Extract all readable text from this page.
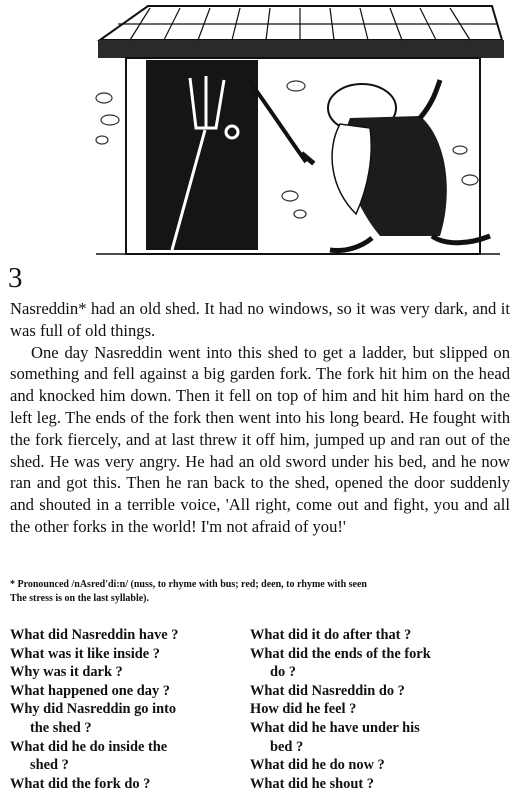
3

Nasreddin* had an old shed. It had no windows, so it was very dark, and it was full of old things.

One day Nasreddin went into this shed to get a ladder, but slipped on something and fell against a big garden fork. The fork hit him on the head and knocked him down. Then it fell on top of him and hit him hard on the left leg. The ends of the fork then went into his long beard. He fought with the fork fiercely, and at last threw it off him, jumped up and ran out of the shed. He was very angry. He had an old sword under his bed, and he now ran and got this. Then he ran back to the shed, opened the door suddenly and shouted in a terrible voice, 'All right, come out and fight, you and all the other forks in the world! I'm not afraid of you!'

* Pronounced /nAsred'di:n/ (nuss, to rhyme with bus; red; deen, to rhyme with seen
The stress is on the last syllable).
What did Nasreddin have ?
What was it like inside ?
Why was it dark ?
What happened one day ?
Why did Nasreddin go into
the shed ?
What did he do inside the
shed ?
What did the fork do ?
What did it do after that ?
What did the ends of the fork
do ?
What did Nasreddin do ?
How did he feel ?
What did he have under his
bed ?
What did he do now ?
What did he shout ?
